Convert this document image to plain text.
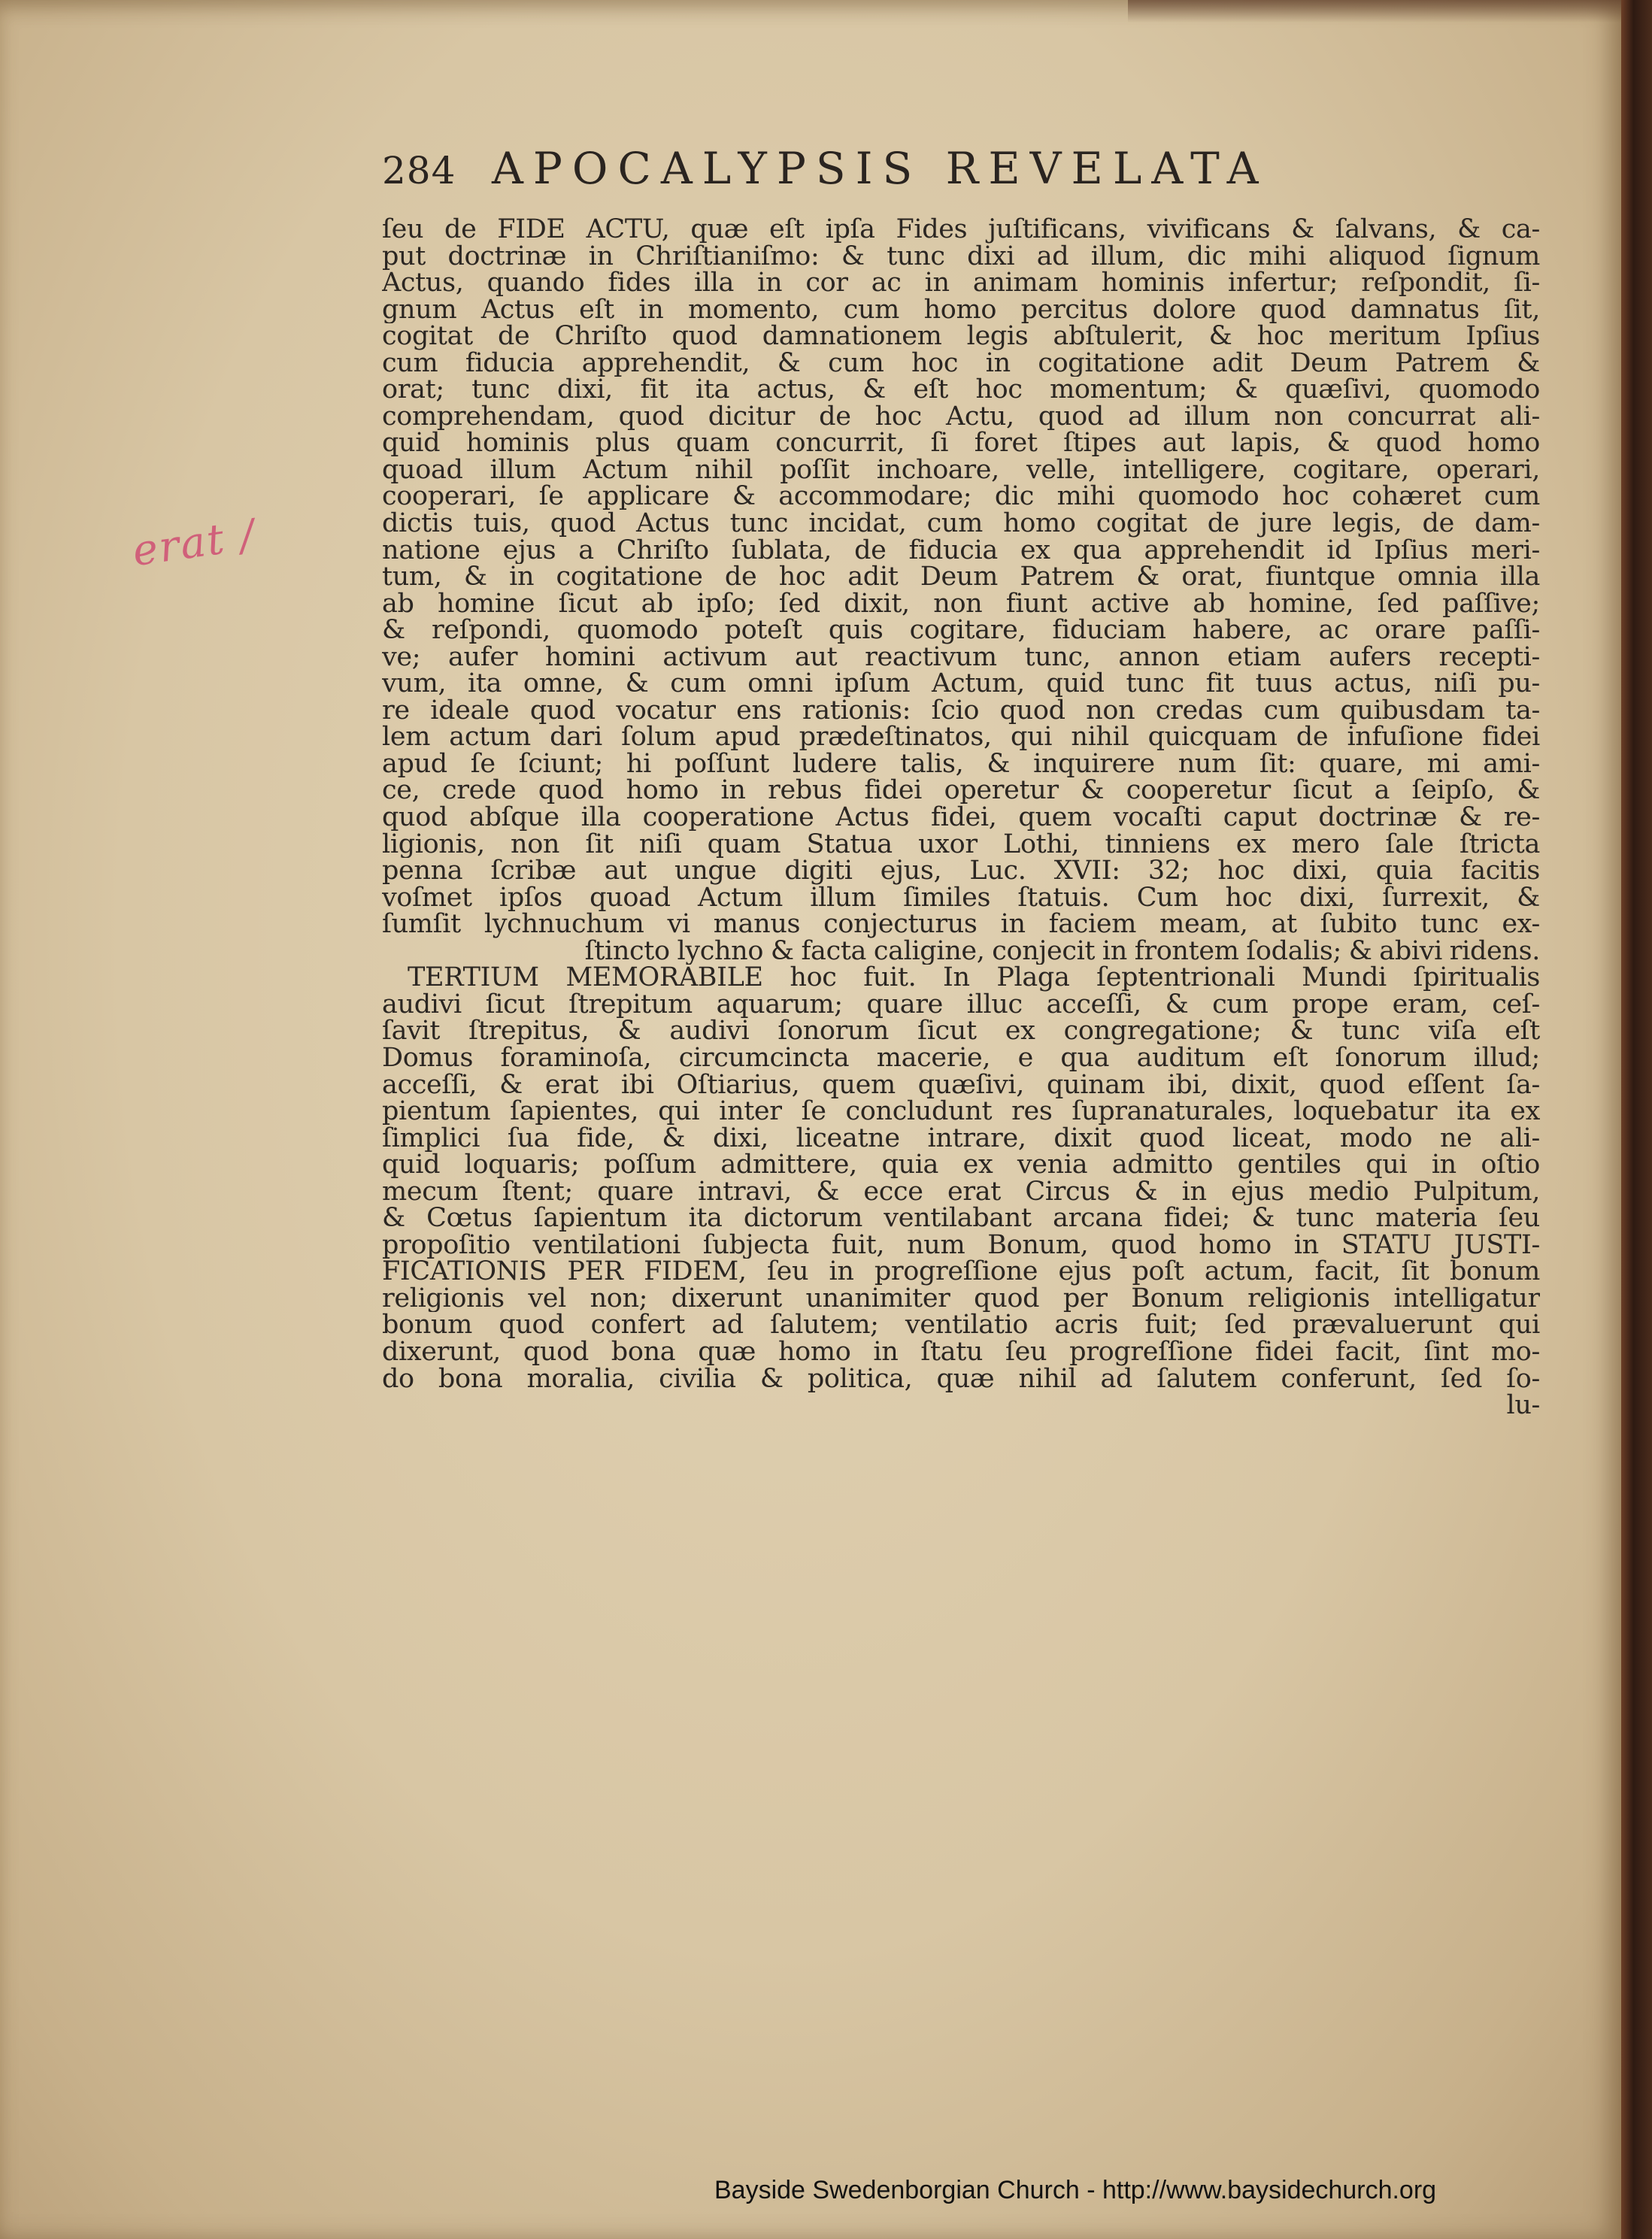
284 APOCALYPSIS REVELATA
erat /
ſeu de FIDE ACTU, quæ eſt ipſa Fides juſtificans, vivificans & ſalvans, & ca-
put doctrinæ in Chriſtianiſmo: & tunc dixi ad illum, dic mihi aliquod ſignum
Actus, quando fides illa in cor ac in animam hominis infertur; reſpondit, ſi-
gnum Actus eſt in momento, cum homo percitus dolore quod damnatus ſit,
cogitat de Chriſto quod damnationem legis abſtulerit, & hoc meritum Ipſius
cum fiducia apprehendit, & cum hoc in cogitatione adit Deum Patrem &
orat; tunc dixi, fit ita actus, & eſt hoc momentum; & quæſivi, quomodo
comprehendam, quod dicitur de hoc Actu, quod ad illum non concurrat ali-
quid hominis plus quam concurrit, ſi foret ſtipes aut lapis, & quod homo
quoad illum Actum nihil poſſit inchoare, velle, intelligere, cogitare, operari,
cooperari, ſe applicare & accommodare; dic mihi quomodo hoc cohæret cum
dictis tuis, quod Actus tunc incidat, cum homo cogitat de jure legis, de dam-
natione ejus a Chriſto ſublata, de fiducia ex qua apprehendit id Ipſius meri-
tum, & in cogitatione de hoc adit Deum Patrem & orat, fiuntque omnia illa
ab homine ſicut ab ipſo; ſed dixit, non fiunt active ab homine, ſed paſſive;
& reſpondi, quomodo poteſt quis cogitare, fiduciam habere, ac orare paſſi-
ve; aufer homini activum aut reactivum tunc, annon etiam aufers recepti-
vum, ita omne, & cum omni ipſum Actum, quid tunc fit tuus actus, niſi pu-
re ideale quod vocatur ens rationis: ſcio quod non credas cum quibusdam ta-
lem actum dari ſolum apud prædeſtinatos, qui nihil quicquam de infuſione fidei
apud ſe ſciunt; hi poſſunt ludere talis, & inquirere num ſit: quare, mi ami-
ce, crede quod homo in rebus fidei operetur & cooperetur ſicut a ſeipſo, &
quod abſque illa cooperatione Actus fidei, quem vocaſti caput doctrinæ & re-
ligionis, non ſit niſi quam Statua uxor Lothi, tinniens ex mero ſale ſtricta
penna ſcribæ aut ungue digiti ejus, Luc. XVII: 32; hoc dixi, quia facitis
voſmet ipſos quoad Actum illum ſimiles ſtatuis. Cum hoc dixi, ſurrexit, &
ſumſit lychnuchum vi manus conjecturus in faciem meam, at ſubito tunc ex-
ſtincto lychno & facta caligine, conjecit in frontem ſodalis; & abivi ridens.
TERTIUM MEMORABILE hoc fuit. In Plaga ſeptentrionali Mundi ſpiritualis
audivi ſicut ſtrepitum aquarum; quare illuc acceſſi, & cum prope eram, ceſ-
ſavit ſtrepitus, & audivi ſonorum ſicut ex congregatione; & tunc viſa eſt
Domus foraminoſa, circumcincta macerie, e qua auditum eſt ſonorum illud;
acceſſi, & erat ibi Oſtiarius, quem quæſivi, quinam ibi, dixit, quod eſſent ſa-
pientum ſapientes, qui inter ſe concludunt res ſupranaturales, loquebatur ita ex
ſimplici ſua fide, & dixi, liceatne intrare, dixit quod liceat, modo ne ali-
quid loquaris; poſſum admittere, quia ex venia admitto gentiles qui in oſtio
mecum ſtent; quare intravi, & ecce erat Circus & in ejus medio Pulpitum,
& Cœtus ſapientum ita dictorum ventilabant arcana fidei; & tunc materia ſeu
propoſitio ventilationi ſubjecta fuit, num Bonum, quod homo in STATU JUSTI-
FICATIONIS PER FIDEM, ſeu in progreſſione ejus poſt actum, facit, ſit bonum
religionis vel non; dixerunt unanimiter quod per Bonum religionis intelligatur
bonum quod confert ad ſalutem; ventilatio acris fuit; ſed prævaluerunt qui
dixerunt, quod bona quæ homo in ſtatu ſeu progreſſione fidei facit, ſint mo-
do bona moralia, civilia & politica, quæ nihil ad ſalutem conferunt, ſed ſo-
lu-
Bayside Swedenborgian Church - http://www.baysidechurch.org
